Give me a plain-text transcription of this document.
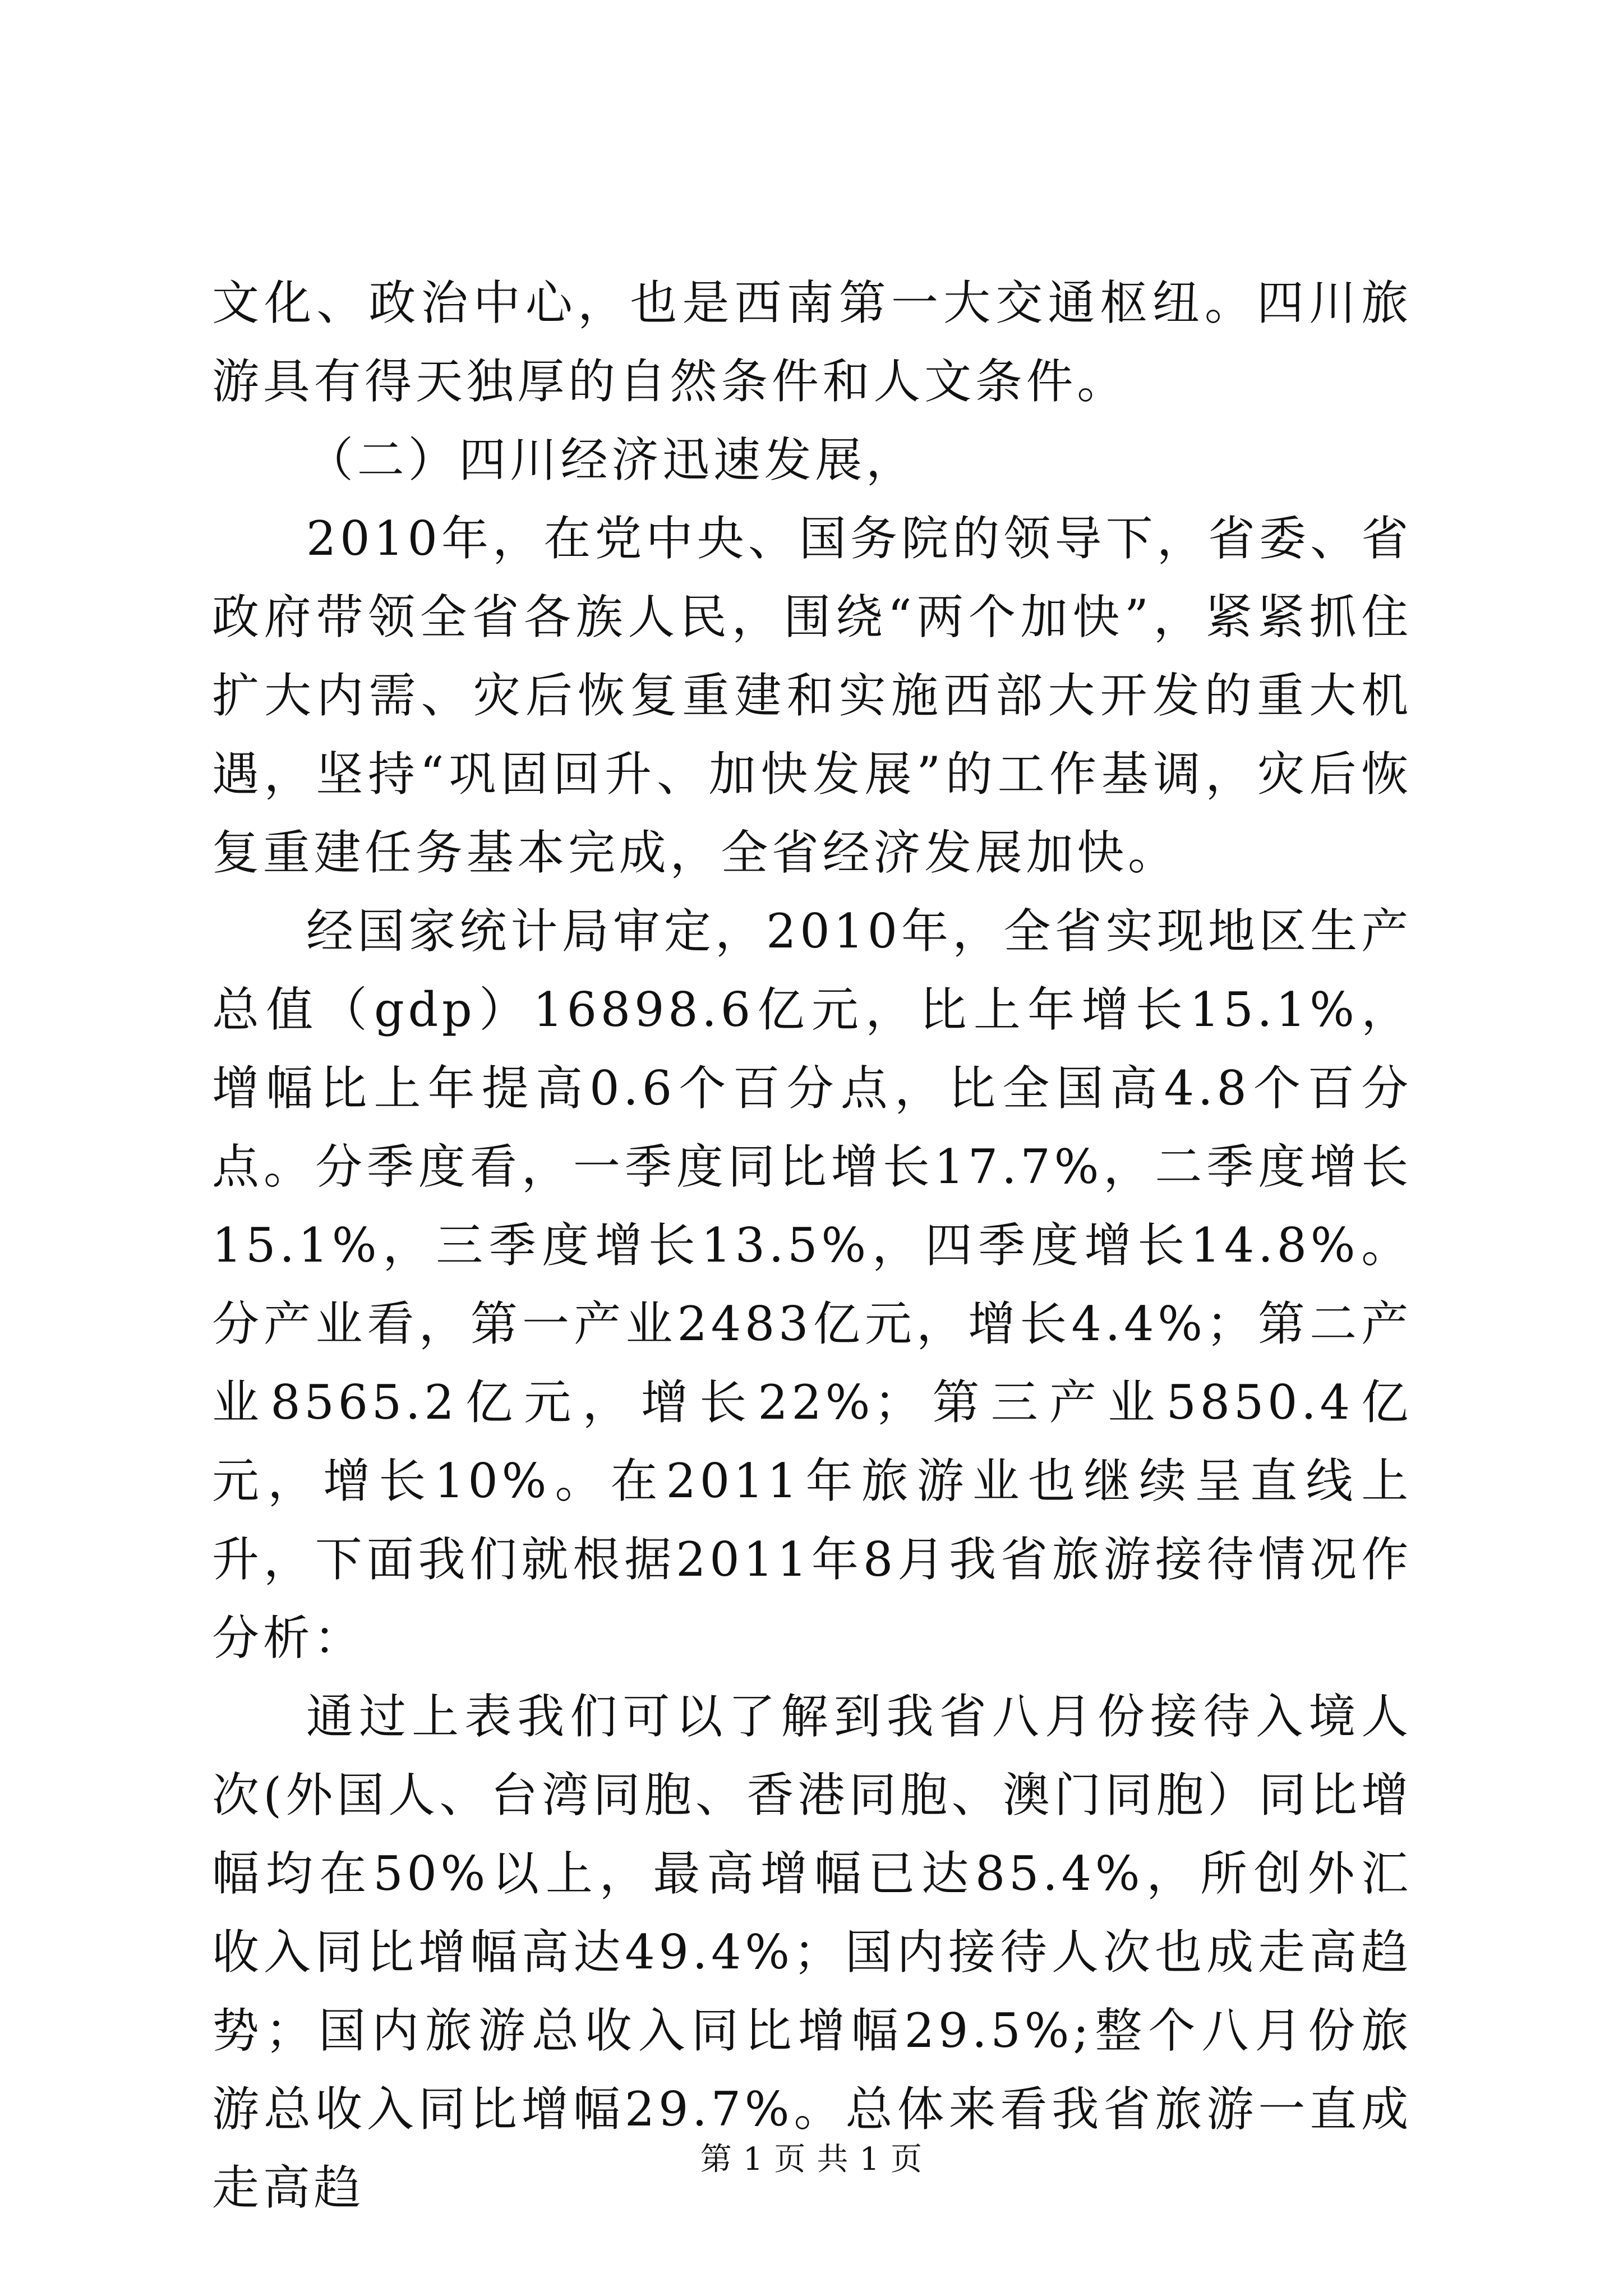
文化、政治中心，也是西南第一大交通枢纽。四川旅游具有得天独厚的自然条件和人文条件。

（二）四川经济迅速发展，

2010年，在党中央、国务院的领导下，省委、省政府带领全省各族人民，围绕“两个加快”，紧紧抓住扩大内需、灾后恢复重建和实施西部大开发的重大机遇，坚持“巩固回升、加快发展”的工作基调，灾后恢复重建任务基本完成，全省经济发展加快。

经国家统计局审定，2010年，全省实现地区生产总值（gdp）16898.6亿元，比上年增长15.1%，增幅比上年提高0.6个百分点，比全国高4.8个百分点。分季度看，一季度同比增长17.7%，二季度增长15.1%，三季度增长13.5%，四季度增长14.8%。分产业看，第一产业2483亿元，增长4.4%；第二产业8565.2亿元，增长22%；第三产业5850.4亿元，增长10%。在2011年旅游业也继续呈直线上升，下面我们就根据2011年8月我省旅游接待情况作分析：

通过上表我们可以了解到我省八月份接待入境人次(外国人、台湾同胞、香港同胞、澳门同胞）同比增幅均在50%以上，最高增幅已达85.4%，所创外汇收入同比增幅高达49.4%；国内接待人次也成走高趋势；国内旅游总收入同比增幅29.5%;整个八月份旅游总收入同比增幅29.7%。总体来看我省旅游一直成走高趋

第 1 页 共 1 页
